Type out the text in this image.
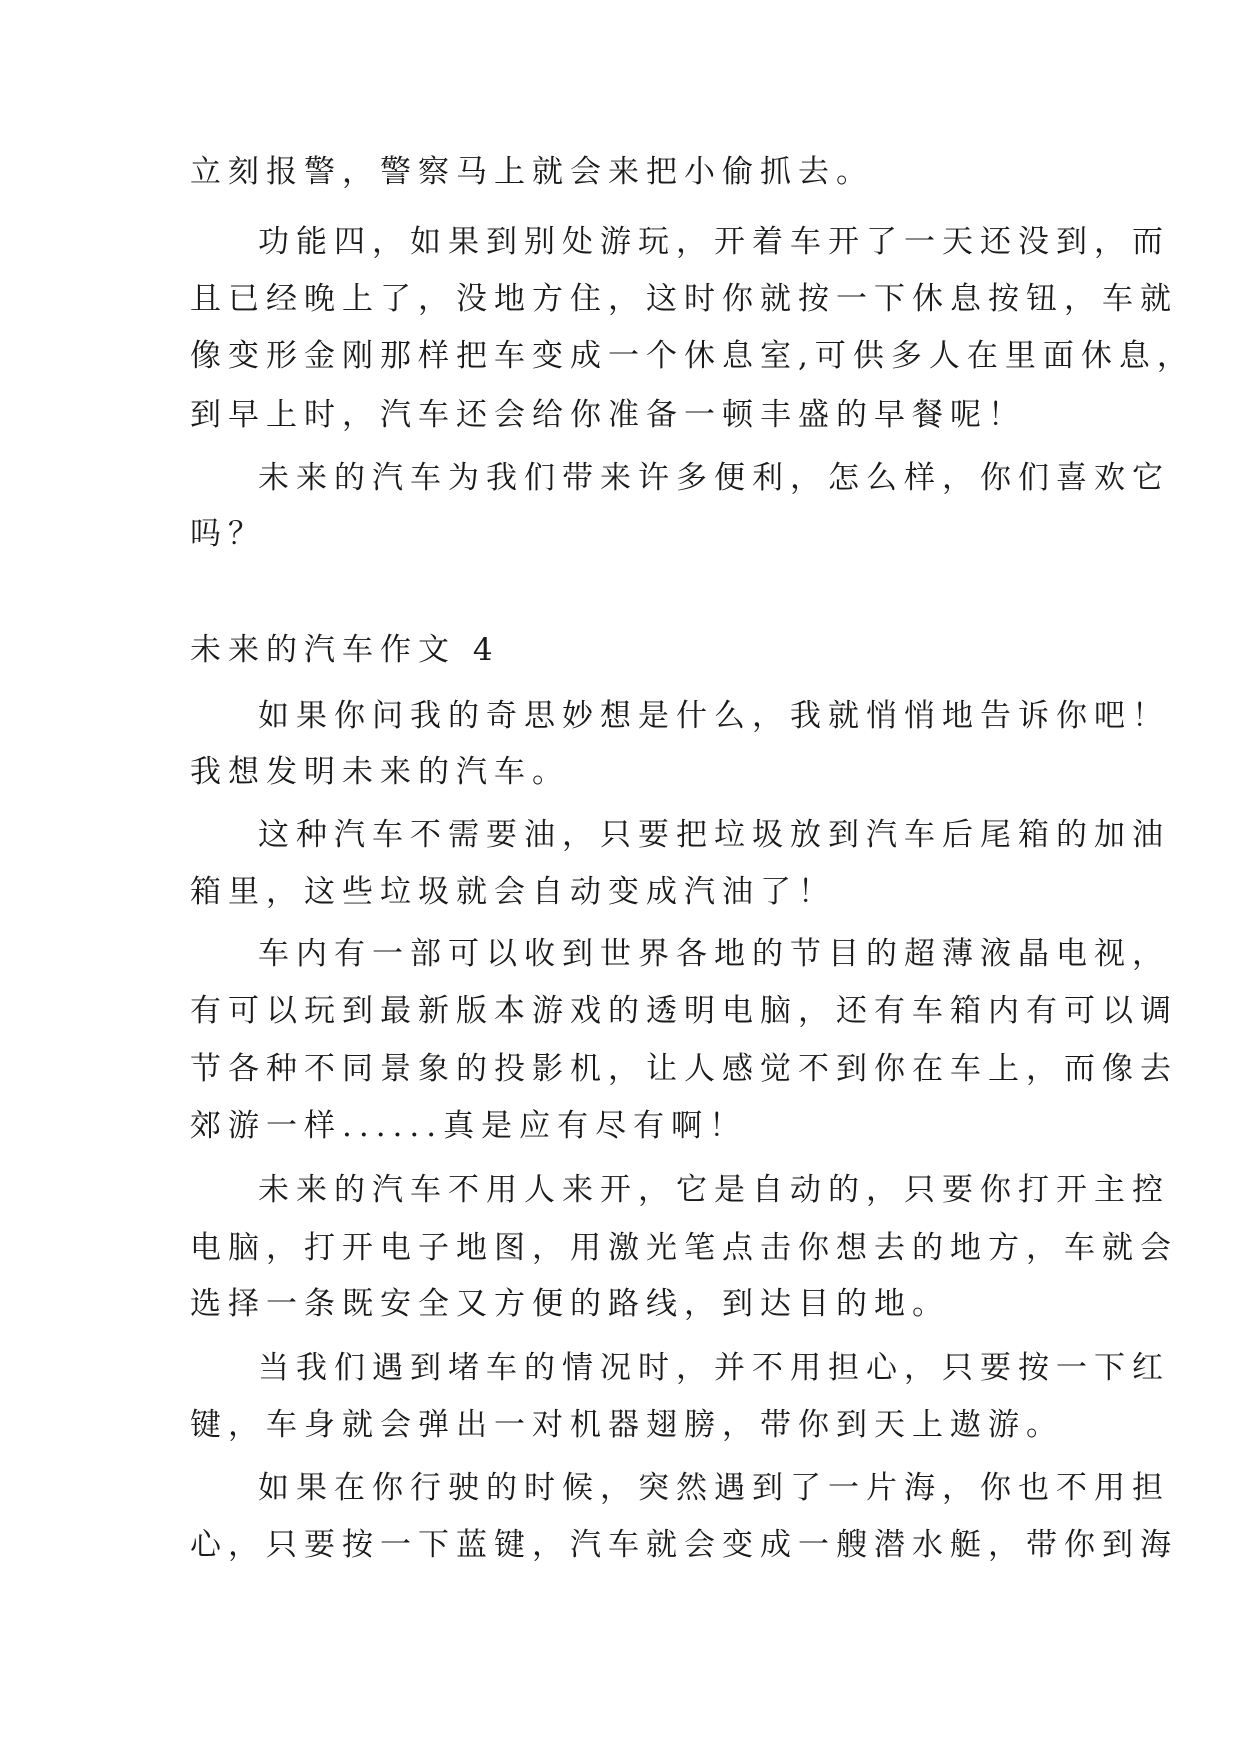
立刻报警，警察马上就会来把小偷抓去。
功能四，如果到别处游玩，开着车开了一天还没到，而
且已经晚上了，没地方住，这时你就按一下休息按钮，车就
像变形金刚那样把车变成一个休息室,可供多人在里面休息，
到早上时，汽车还会给你准备一顿丰盛的早餐呢！
未来的汽车为我们带来许多便利，怎么样，你们喜欢它
吗？
未来的汽车作文 4
如果你问我的奇思妙想是什么，我就悄悄地告诉你吧！
我想发明未来的汽车。
这种汽车不需要油，只要把垃圾放到汽车后尾箱的加油
箱里，这些垃圾就会自动变成汽油了！
车内有一部可以收到世界各地的节目的超薄液晶电视，
有可以玩到最新版本游戏的透明电脑，还有车箱内有可以调
节各种不同景象的投影机，让人感觉不到你在车上，而像去
郊游一样......真是应有尽有啊！
未来的汽车不用人来开，它是自动的，只要你打开主控
电脑，打开电子地图，用激光笔点击你想去的地方，车就会
选择一条既安全又方便的路线，到达目的地。
当我们遇到堵车的情况时，并不用担心，只要按一下红
键，车身就会弹出一对机器翅膀，带你到天上遨游。
如果在你行驶的时候，突然遇到了一片海，你也不用担
心，只要按一下蓝键，汽车就会变成一艘潜水艇，带你到海
